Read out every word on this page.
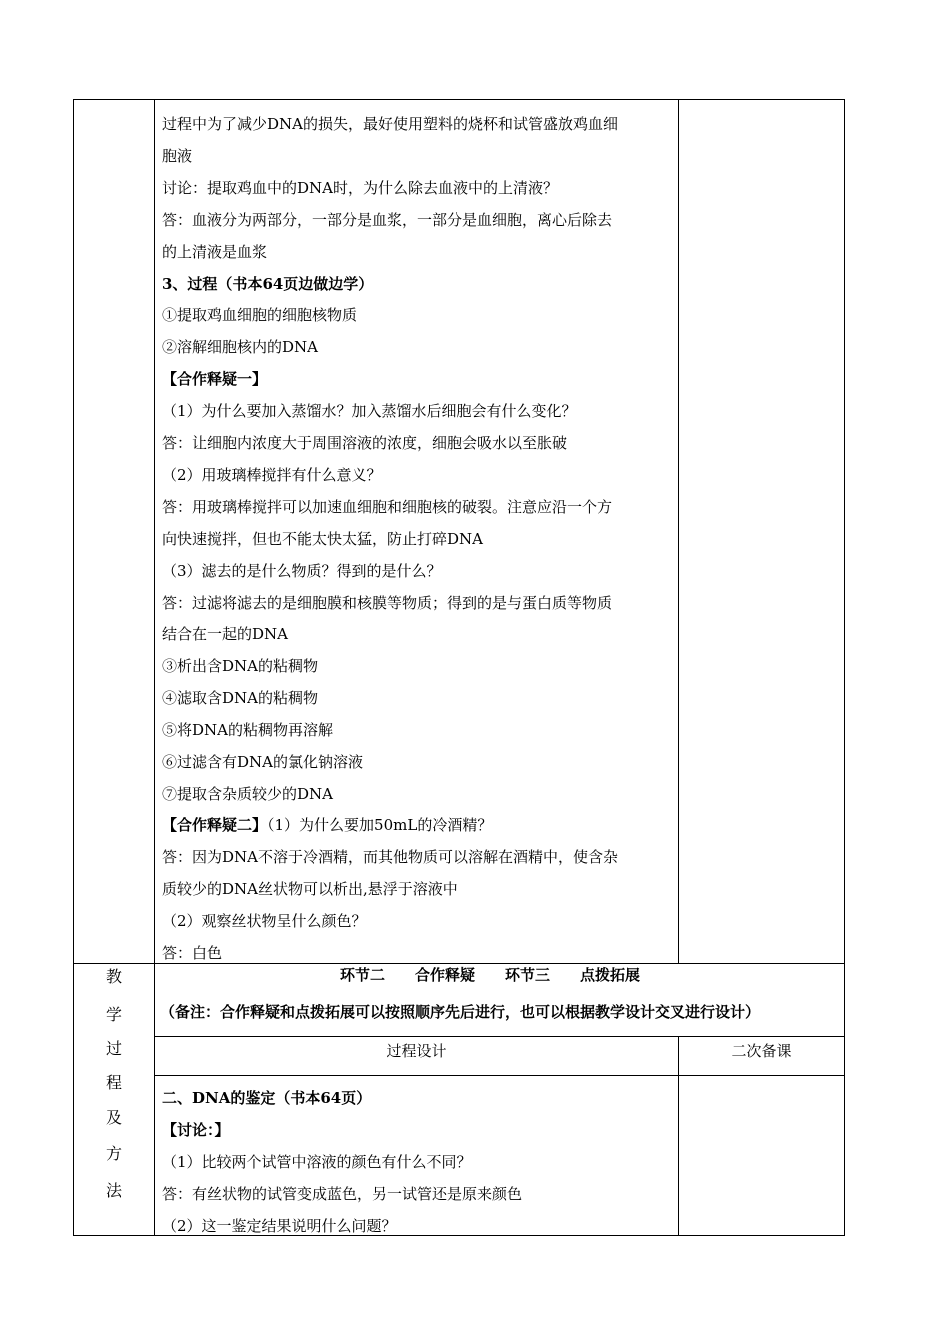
过程中为了减少DNA的损失，最好使用塑料的烧杯和试管盛放鸡血细
胞液
讨论：提取鸡血中的DNA时，为什么除去血液中的上清液？
答：血液分为两部分，一部分是血浆，一部分是血细胞，离心后除去
的上清液是血浆
3、过程（书本64页边做边学）
①提取鸡血细胞的细胞核物质
②溶解细胞核内的DNA
【合作释疑一】
（1）为什么要加入蒸馏水？加入蒸馏水后细胞会有什么变化？
答：让细胞内浓度大于周围溶液的浓度，细胞会吸水以至胀破
（2）用玻璃棒搅拌有什么意义？
答：用玻璃棒搅拌可以加速血细胞和细胞核的破裂。注意应沿一个方
向快速搅拌，但也不能太快太猛，防止打碎DNA
（3）滤去的是什么物质？得到的是什么？
答：过滤将滤去的是细胞膜和核膜等物质；得到的是与蛋白质等物质
结合在一起的DNA
③析出含DNA的粘稠物
④滤取含DNA的粘稠物
⑤将DNA的粘稠物再溶解
⑥过滤含有DNA的氯化钠溶液
⑦提取含杂质较少的DNA
【合作释疑二】（1）为什么要加50mL的冷酒精？
答：因为DNA不溶于冷酒精，而其他物质可以溶解在酒精中，使含杂
质较少的DNA丝状物可以析出,悬浮于溶液中
（2）观察丝状物呈什么颜色？
答：白色
教
学
过
程
及
方
法
环节二　　合作释疑　　环节三　　点拨拓展
（备注：合作释疑和点拨拓展可以按照顺序先后进行，也可以根据教学设计交叉进行设计）
过程设计	二次备课
二、DNA的鉴定（书本64页）
【讨论：】
（1）比较两个试管中溶液的颜色有什么不同？
答：有丝状物的试管变成蓝色，另一试管还是原来颜色
（2）这一鉴定结果说明什么问题？
